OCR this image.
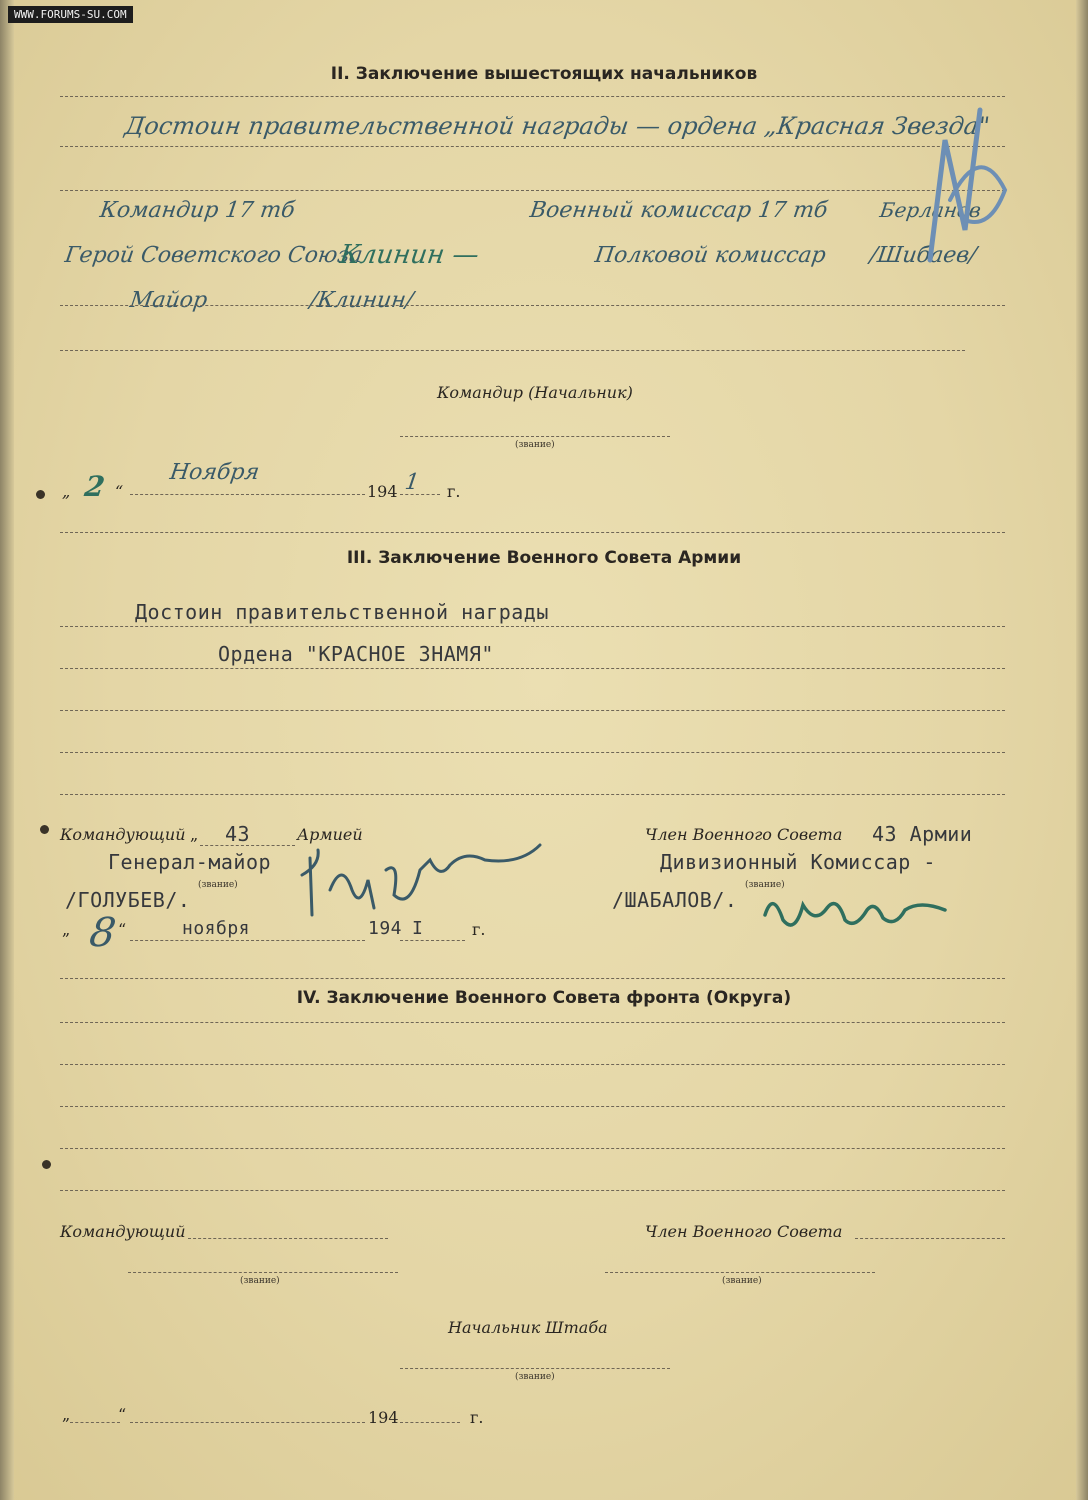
WWW.FORUMS-SU.COM
II. Заключение вышестоящих начальников
Достоин правительственной награды — ордена „Красная Звезда"
Командир 17 тб	Военный комиссар 17 тб Берланов
Герой Советского Союза
Клинин —	Полковой комиссар /Шибаев/
Майор	/Клинин/
Командир (Начальник)
(звание)
„ 2 “
Ноября
194 1 г.
III. Заключение Военного Совета Армии
Достоин правительственной награды
Ордена "КРАСНОЕ ЗНАМЯ"
Командующий „ 43	Армией	Член Военного Совета 43 Армии
Генерал-майор	Дивизионный Комиссар -
/ГОЛУБЕВ/.
(звание)
/ШАБАЛОВ/.
(звание)
„ 8 “	ноября	194 I	г.
IV. Заключение Военного Совета фронта (Округа)
Командующий	Член Военного Совета
(звание)	(звание)
Начальник Штаба
(звание)
„	“	194	г.
